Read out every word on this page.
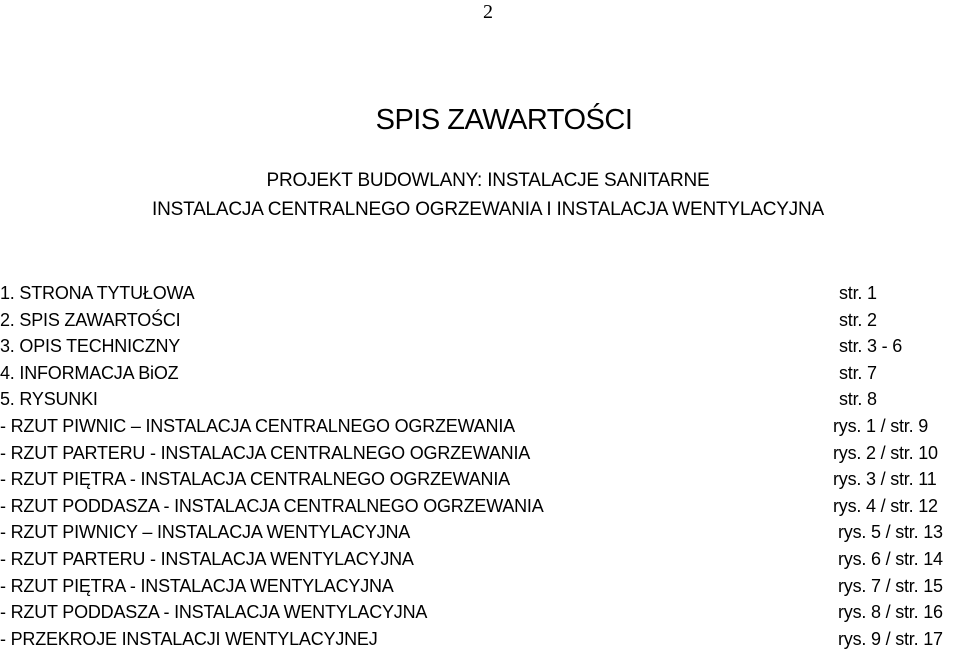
2
SPIS ZAWARTOŚCI
PROJEKT BUDOWLANY: INSTALACJE SANITARNE
INSTALACJA CENTRALNEGO OGRZEWANIA I INSTALACJA WENTYLACYJNA
1. STRONA TYTUŁOWA	str. 1
2. SPIS ZAWARTOŚCI	str. 2
3. OPIS TECHNICZNY	str. 3 - 6
4. INFORMACJA BiOZ	str. 7
5. RYSUNKI	str. 8
- RZUT PIWNIC – INSTALACJA CENTRALNEGO OGRZEWANIA	rys. 1 / str. 9
- RZUT PARTERU - INSTALACJA CENTRALNEGO OGRZEWANIA	rys. 2 / str. 10
- RZUT PIĘTRA - INSTALACJA CENTRALNEGO OGRZEWANIA	rys. 3 / str. 11
- RZUT PODDASZA - INSTALACJA CENTRALNEGO OGRZEWANIA	rys. 4 / str. 12
- RZUT PIWNICY – INSTALACJA WENTYLACYJNA	rys. 5 / str. 13
- RZUT PARTERU - INSTALACJA WENTYLACYJNA	rys. 6 / str. 14
- RZUT PIĘTRA - INSTALACJA WENTYLACYJNA	rys. 7 / str. 15
- RZUT PODDASZA - INSTALACJA WENTYLACYJNA	rys. 8 / str. 16
- PRZEKROJE INSTALACJI WENTYLACYJNEJ	rys. 9 / str. 17
